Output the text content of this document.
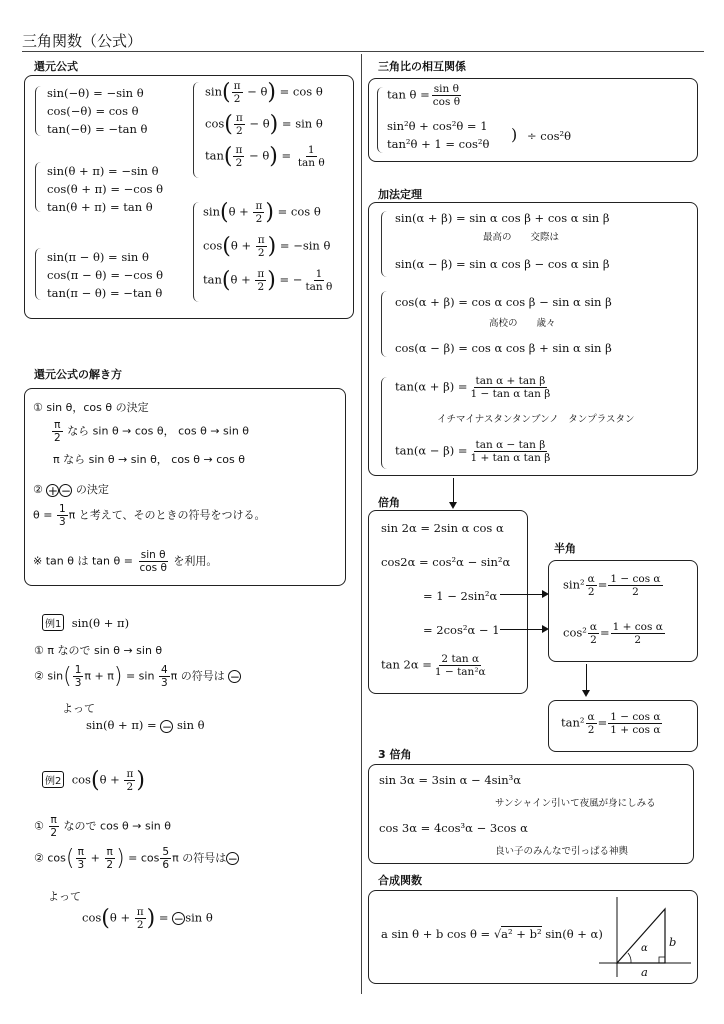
三角関数（公式）
還元公式
sin(−θ) = −sin θ
cos(−θ) = cos θ
tan(−θ) = −tan θ
sin(θ + π) = −sin θ
cos(θ + π) = −cos θ
tan(θ + π) = tan θ
sin(π − θ) = sin θ
cos(π − θ) = −cos θ
tan(π − θ) = −tan θ
$\sin( \frac{\pi}{2} - \theta) = \cos \theta$
$\cos( \frac{\pi}{2} - \theta) = \sin \theta$
$\tan( \frac{\pi}{2} - \theta) = \frac{1}{\text{tan θ}}$
$\sin(\theta + \frac{\pi}{2}$ ) = cos θ
$\cos(\theta + \frac{\pi}{2}$ ) = −sin θ
$\tan(\theta + \frac{\pi}{2}$ ) = − $\frac{1}{\text{tan θ}}$
還元公式の解き方
① sin θ，cos θ の決定
$\frac{\pi}{2}$ なら sin θ → cos θ， cos θ → sin θ
π なら sin θ → sin θ， cos θ → cos θ
② + − の決定
$\theta = \frac{1}{3}$ π と考えて、そのときの符号をつける。
※ tan θ は $\tan \theta = \frac{\text{sin θ}}{\text{cos θ}}$ を利用。
例1 sin(θ + π)
① π なので sin θ → sin θ
② $\sin( \frac{1}{3}$ $\pi + \pi) = \sin \frac{4}{3}$ π の符号は −
よって
sin(θ + π) = − sin θ
例2 $\cos(\theta + \frac{\pi}{2}$ )
① $\frac{\pi}{2}$ なので cos θ → sin θ
② $\cos( \frac{\pi}{3} + \frac{\pi}{2}$ ) = $\cos \frac{5}{6}$ π の符号は−
よって
$\cos(\theta + \frac{\pi}{2}$ ) = −sin θ
三角比の相互関係
$\tan \theta = \frac{\text{sin θ}}{\text{cos θ}}$
sin²θ + cos²θ = 1
tan²θ + 1 = cos²θ ) ÷ cos²θ
加法定理
sin(α + β) = sin α cos β + cos α sin β
最高の　　交際は
sin(α − β) = sin α cos β − cos α sin β
cos(α + β) = cos α cos β − sin α sin β
高校の　　歳々
cos(α − β) = cos α cos β + sin α sin β
$\tan(\alpha + \beta) = \frac{\text{tan α + tan β}}{\text{1 − tan α tan β}}$
イチマイナスタンタンブンノ　タンプラスタン
$\tan(\alpha - \beta) = \frac{\text{tan α − tan β}}{\text{1 + tan α tan β}}$
倍角
sin 2α = 2sin α cos α
cos2α = cos²α − sin²α
= 1 − 2sin²α
= 2cos²α − 1
$\tan 2\alpha = \frac{\text{2 tan α}}{\text{1 − tan²α}}$
半角
$\sin^2 \frac{\alpha}{2} = \frac{\text{1 − cos α}}{2}$
$\cos^2 \frac{\alpha}{2} = \frac{\text{1 + cos α}}{2}$
$\tan^2 \frac{\alpha}{2} = \frac{\text{1 − cos α}}{\text{1 + cos α}}$
3 倍角
sin 3α = 3sin α − 4sin³α
サンシャイン引いて夜風が身にしみる
cos 3α = 4cos³α − 3cos α
良い子のみんなで引っぱる神輿
合成関数
a sin θ + b cos θ = √a² + b² sin(θ + α)
α b
a
